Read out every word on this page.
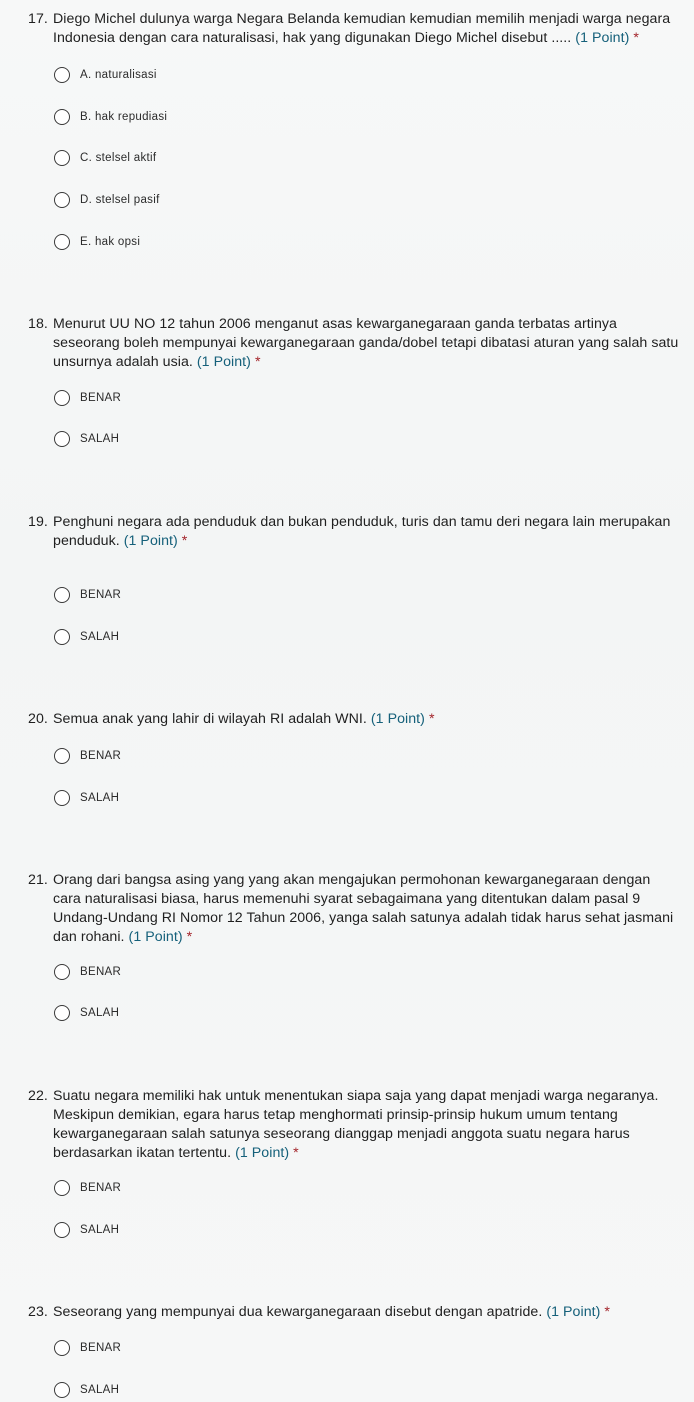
17. Diego Michel dulunya warga Negara Belanda kemudian kemudian memilih menjadi warga negara Indonesia dengan cara naturalisasi, hak yang digunakan Diego Michel disebut ..... (1 Point) *
A. naturalisasi
B. hak repudiasi
C. stelsel aktif
D. stelsel pasif
E. hak opsi
18. Menurut UU NO 12 tahun 2006 menganut asas kewarganegaraan ganda terbatas artinya seseorang boleh mempunyai kewarganegaraan ganda/dobel tetapi dibatasi aturan yang salah satu unsurnya adalah usia. (1 Point) *
BENAR
SALAH
19. Penghuni negara ada penduduk dan bukan penduduk, turis dan tamu deri negara lain merupakan penduduk. (1 Point) *
BENAR
SALAH
20. Semua anak yang lahir di wilayah RI adalah WNI. (1 Point) *
BENAR
SALAH
21. Orang dari bangsa asing yang yang akan mengajukan permohonan kewarganegaraan dengan cara naturalisasi biasa, harus memenuhi syarat sebagaimana yang ditentukan dalam pasal 9 Undang-Undang RI Nomor 12 Tahun 2006, yanga salah satunya adalah tidak harus sehat jasmani dan rohani. (1 Point) *
BENAR
SALAH
22. Suatu negara memiliki hak untuk menentukan siapa saja yang dapat menjadi warga negaranya. Meskipun demikian, egara harus tetap menghormati prinsip-prinsip hukum umum tentang kewarganegaraan salah satunya seseorang dianggap menjadi anggota suatu negara harus berdasarkan ikatan tertentu. (1 Point) *
BENAR
SALAH
23. Seseorang yang mempunyai dua kewarganegaraan disebut dengan apatride. (1 Point) *
BENAR
SALAH
